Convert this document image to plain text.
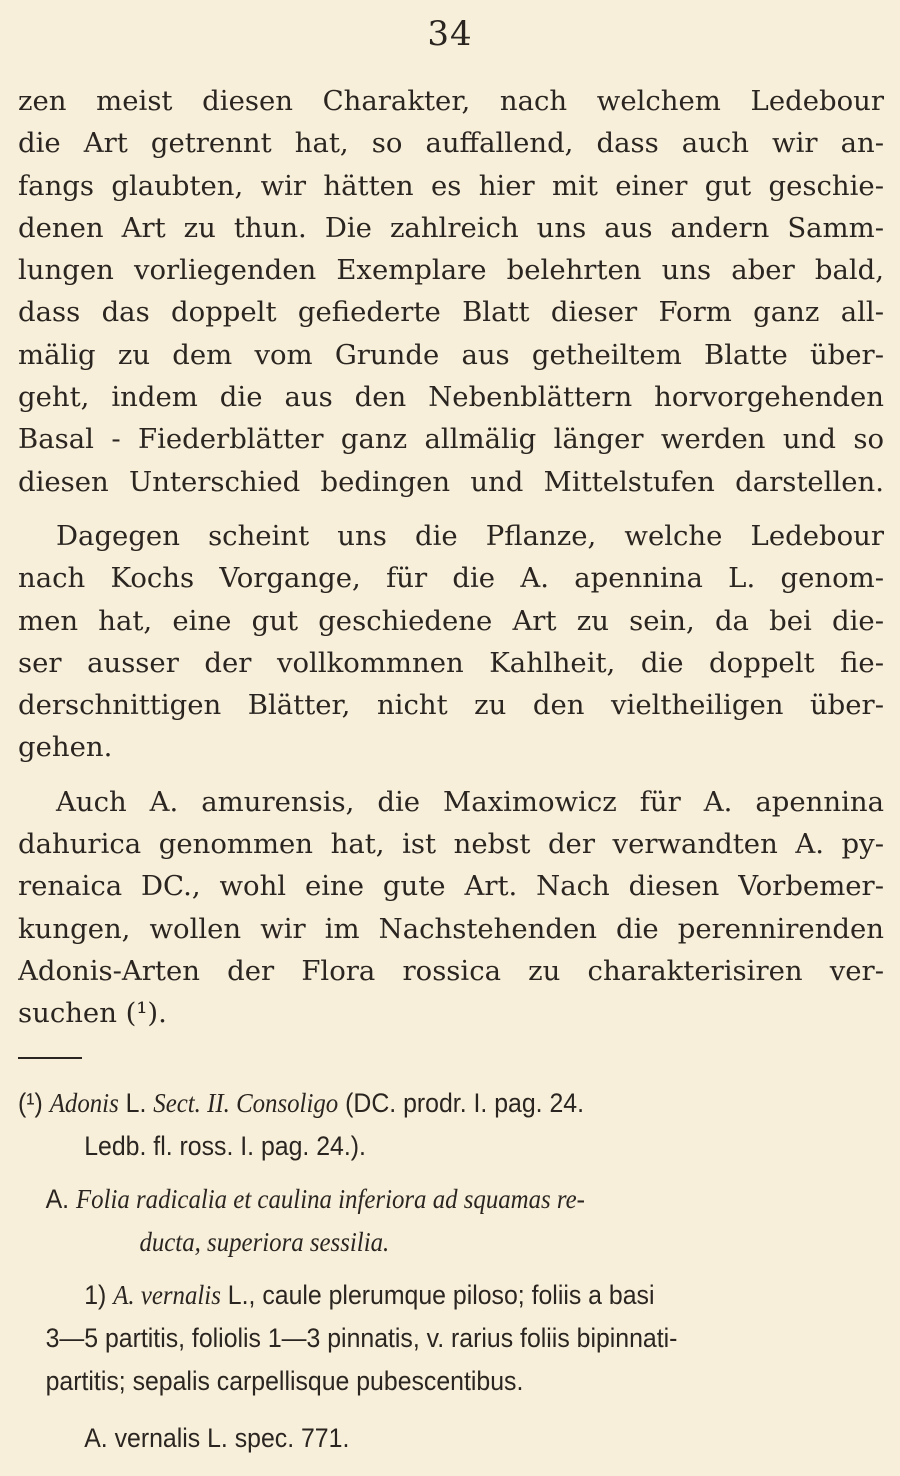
34

zen meist diesen Charakter, nach welchem Ledebour
die Art getrennt hat, so auffallend, dass auch wir an-
fangs glaubten, wir hätten es hier mit einer gut geschie-
denen Art zu thun. Die zahlreich uns aus andern Samm-
lungen vorliegenden Exemplare belehrten uns aber bald,
dass das doppelt gefiederte Blatt dieser Form ganz all-
mälig zu dem vom Grunde aus getheiltem Blatte über-
geht, indem die aus den Nebenblättern horvorgehenden
Basal - Fiederblätter ganz allmälig länger werden und so
diesen Unterschied bedingen und Mittelstufen darstellen.

Dagegen scheint uns die Pflanze, welche Ledebour
nach Kochs Vorgange, für die A. apennina L. genom-
men hat, eine gut geschiedene Art zu sein, da bei die-
ser ausser der vollkommnen Kahlheit, die doppelt fie-
derschnittigen Blätter, nicht zu den vieltheiligen über-
gehen.

Auch A. amurensis, die Maximowicz für A. apennina
dahurica genommen hat, ist nebst der verwandten A. py-
renaica DC., wohl eine gute Art. Nach diesen Vorbemer-
kungen, wollen wir im Nachstehenden die perennirenden
Adonis-Arten der Flora rossica zu charakterisiren ver-
suchen (¹).

(¹) Adonis L. Sect. II. Consoligo (DC. prodr. I. pag. 24.
Ledb. fl. ross. I. pag. 24.).
A. Folia radicalia et caulina inferiora ad squamas re-
ducta, superiora sessilia.
1) A. vernalis L., caule plerumque piloso; foliis a basi
3—5 partitis, foliolis 1—3 pinnatis, v. rarius foliis bipinnati-
partitis; sepalis carpellisque pubescentibus.
A. vernalis L. spec. 771.
